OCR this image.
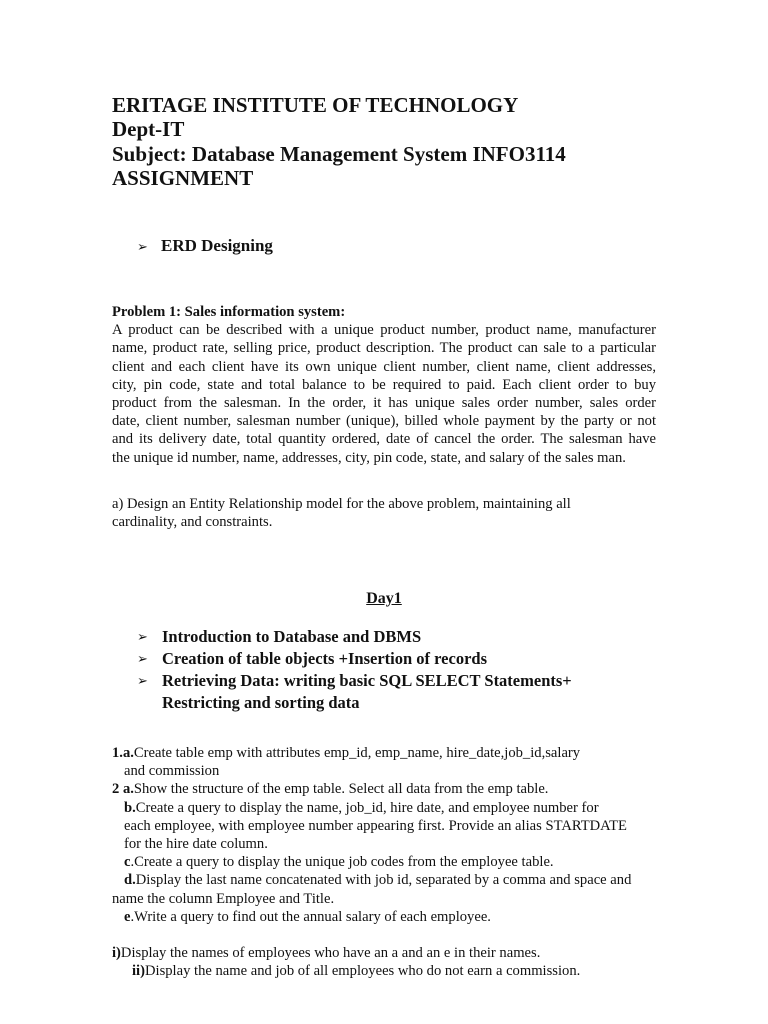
ERITAGE INSTITUTE OF TECHNOLOGY
Dept-IT
Subject: Database Management System INFO3114
ASSIGNMENT
➢ ERD Designing
Problem 1: Sales information system:
A product can be described with a unique product number, product name, manufacturer
name, product rate, selling price, product description. The product can sale to a particular
client and each client have its own unique client number, client name, client addresses,
city, pin code, state and total balance to be required to paid. Each client order to buy
product from the salesman. In the order, it has unique sales order number, sales order
date, client number, salesman number (unique), billed whole payment by the party or not
and its delivery date, total quantity ordered, date of cancel the order. The salesman have
the unique id number, name, addresses, city, pin code, state, and salary of the sales man.
a) Design an Entity Relationship model for the above problem, maintaining all
cardinality, and constraints.
Day1
➢ Introduction to Database and DBMS
➢ Creation of table objects +Insertion of records
➢ Retrieving Data: writing basic SQL SELECT Statements+
Restricting and sorting data
1.a.Create table emp with attributes emp_id, emp_name, hire_date,job_id,salary
and commission
2 a.Show the structure of the emp table. Select all data from the emp table.
b.Create a query to display the name, job_id, hire date, and employee number for
each employee, with employee number appearing first. Provide an alias STARTDATE
for the hire date column.
c.Create a query to display the unique job codes from the employee table.
d.Display the last name concatenated with job id, separated by a comma and space and
name the column Employee and Title.
e.Write a query to find out the annual salary of each employee.
i)Display the names of employees who have an a and an e in their names.
ii)Display the name and job of all employees who do not earn a commission.
